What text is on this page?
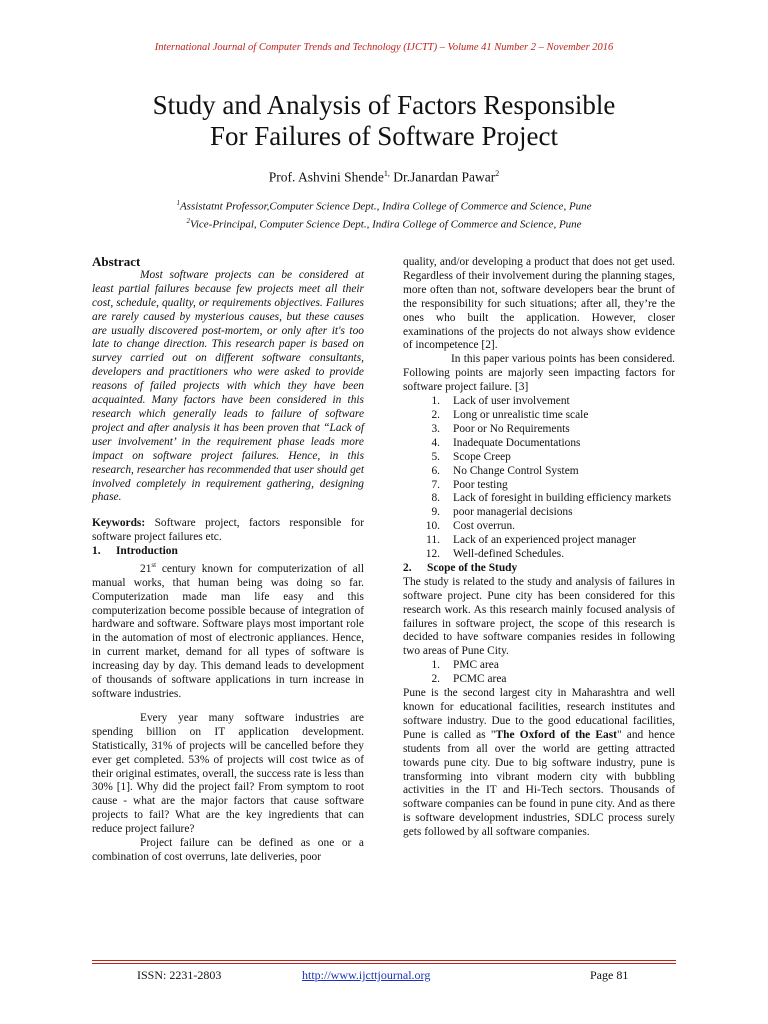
International Journal of Computer Trends and Technology (IJCTT) – Volume 41 Number 2 – November 2016
Study and Analysis of Factors Responsible
For Failures of Software Project
Prof. Ashvini Shende$^{1,}$ Dr.Janardan Pawar$^2$
$^1$Assistatnt Professor,Computer Science Dept., Indira College of Commerce and Science, Pune
$^2$Vice-Principal, Computer Science Dept., Indira College of Commerce and Science, Pune

Abstract

Most software projects can be considered at least partial failures because few projects meet all their cost, schedule, quality, or requirements objectives. Failures are rarely caused by mysterious causes, but these causes are usually discovered post-mortem, or only after it's too late to change direction. This research paper is based on survey carried out on different software consultants, developers and practitioners who were asked to provide reasons of failed projects with which they have been acquainted. Many factors have been considered in this research which generally leads to failure of software project and after analysis it has been proven that “Lack of user involvement’ in the requirement phase leads more impact on software project failures. Hence, in this research, researcher has recommended that user should get involved completely in requirement gathering, designing phase.

Keywords: Software project, factors responsible for software project failures etc.

1. Introduction

21st century known for computerization of all manual works, that human being was doing so far. Computerization made man life easy and this computerization become possible because of integration of hardware and software. Software plays most important role in the automation of most of electronic appliances. Hence, in current market, demand for all types of software is increasing day by day. This demand leads to development of thousands of software applications in turn increase in software industries.

Every year many software industries are spending billion on IT application development. Statistically, 31% of projects will be cancelled before they ever get completed. 53% of projects will cost twice as of their original estimates, overall, the success rate is less than 30% [1]. Why did the project fail? From symptom to root cause - what are the major factors that cause software projects to fail? What are the key ingredients that can reduce project failure?

Project failure can be defined as one or a combination of cost overruns, late deliveries, poor

quality, and/or developing a product that does not get used. Regardless of their involvement during the planning stages, more often than not, software developers bear the brunt of the responsibility for such situations; after all, they’re the ones who built the application. However, closer examinations of the projects do not always show evidence of incompetence [2].

In this paper various points has been considered. Following points are majorly seen impacting factors for software project failure. [3]

1. Lack of user involvement
2. Long or unrealistic time scale
3. Poor or No Requirements
4. Inadequate Documentations
5. Scope Creep
6. No Change Control System
7. Poor testing
8. Lack of foresight in building efficiency markets
9. poor managerial decisions
10. Cost overrun.
11. Lack of an experienced project manager
12. Well-defined Schedules.

2. Scope of the Study

The study is related to the study and analysis of failures in software project. Pune city has been considered for this research work. As this research mainly focused analysis of failures in software project, the scope of this research is decided to have software companies resides in following two areas of Pune City.

1. PMC area
2. PCMC area

Pune is the second largest city in Maharashtra and well known for educational facilities, research institutes and software industry. Due to the good educational facilities, Pune is called as "The Oxford of the East" and hence students from all over the world are getting attracted towards pune city. Due to big software industry, pune is transforming into vibrant modern city with bubbling activities in the IT and Hi-Tech sectors. Thousands of software companies can be found in pune city. And as there is software development industries, SDLC process surely gets followed by all software companies.

ISSN: 2231-2803	http://www.ijcttjournal.org	Page 81
